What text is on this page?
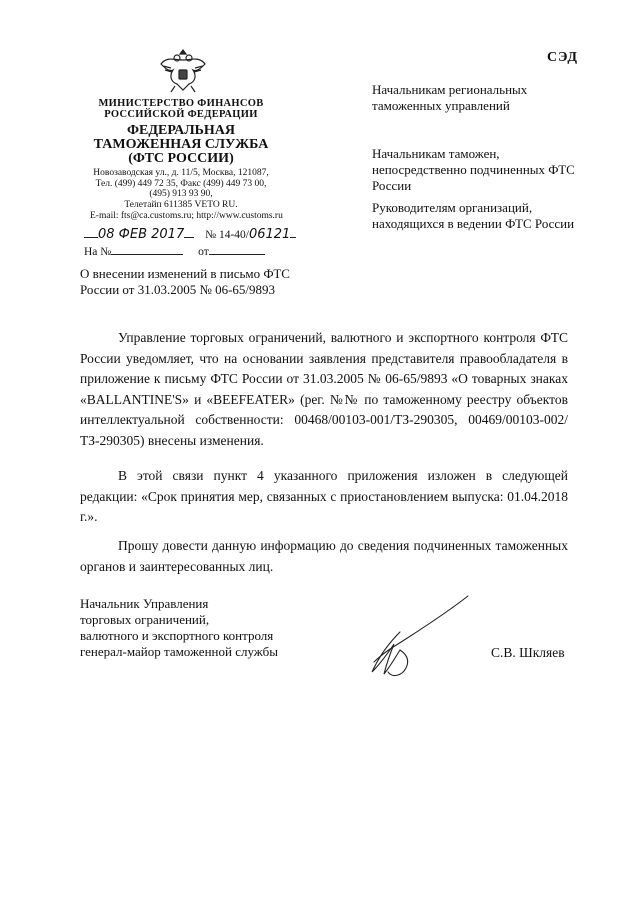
СЭД
МИНИСТЕРСТВО ФИНАНСОВ
РОССИЙСКОЙ ФЕДЕРАЦИИ
ФЕДЕРАЛЬНАЯ
ТАМОЖЕННАЯ СЛУЖБА
(ФТС РОССИИ)
Новозаводская ул., д. 11/5, Москва, 121087,
Тел. (499) 449 72 35, Факс (499) 449 73 00,
(495) 913 93 90,
Телетайп 611385 VETO RU.
E-mail: fts@ca.customs.ru; http://www.customs.ru
08 ФЕВ 2017 № 14-40/06121
На №	от
Начальникам региональных таможенных управлений
Начальникам таможен, непосредственно подчиненных ФТС России
Руководителям организаций, находящихся в ведении ФТС России
О внесении изменений в письмо ФТС России от 31.03.2005 № 06-65/9893

Управление торговых ограничений, валютного и экспортного контроля ФТС России уведомляет, что на основании заявления представителя правообладателя в приложение к письму ФТС России от 31.03.2005 № 06-65/9893 «О товарных знаках «BALLANTINE'S» и «BEEFEATER» (рег. №№ по таможенному реестру объектов интеллектуальной собственности: 00468/00103-001/ТЗ-290305, 00469/00103-002/ТЗ-290305) внесены изменения.

В этой связи пункт 4 указанного приложения изложен в следующей редакции: «Срок принятия мер, связанных с приостановлением выпуска: 01.04.2018 г.».

Прошу довести данную информацию до сведения подчиненных таможенных органов и заинтересованных лиц.

Начальник Управления
торговых ограничений,
валютного и экспортного контроля
генерал-майор таможенной службы	С.В. Шкляев
